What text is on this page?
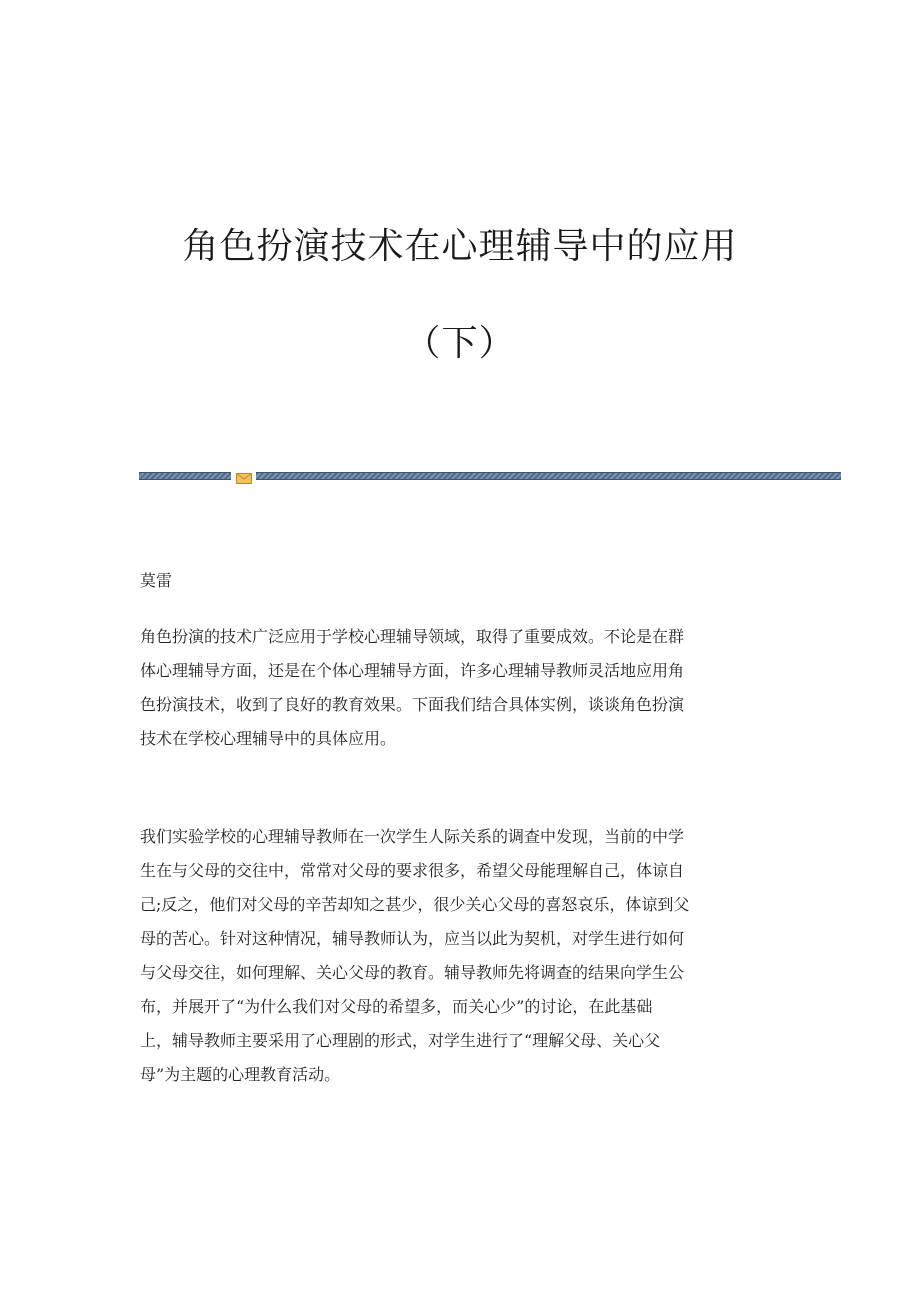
角色扮演技术在心理辅导中的应用
（下）
莫雷
角色扮演的技术广泛应用于学校心理辅导领域，取得了重要成效。不论是在群
体心理辅导方面，还是在个体心理辅导方面，许多心理辅导教师灵活地应用角
色扮演技术，收到了良好的教育效果。下面我们结合具体实例，谈谈角色扮演
技术在学校心理辅导中的具体应用。
我们实验学校的心理辅导教师在一次学生人际关系的调查中发现，当前的中学
生在与父母的交往中，常常对父母的要求很多，希望父母能理解自己，体谅自
己;反之，他们对父母的辛苦却知之甚少，很少关心父母的喜怒哀乐，体谅到父
母的苦心。针对这种情况，辅导教师认为，应当以此为契机，对学生进行如何
与父母交往，如何理解、关心父母的教育。辅导教师先将调查的结果向学生公
布，并展开了“为什么我们对父母的希望多，而关心少”的讨论，在此基础
上，辅导教师主要采用了心理剧的形式，对学生进行了“理解父母、关心父
母”为主题的心理教育活动。
